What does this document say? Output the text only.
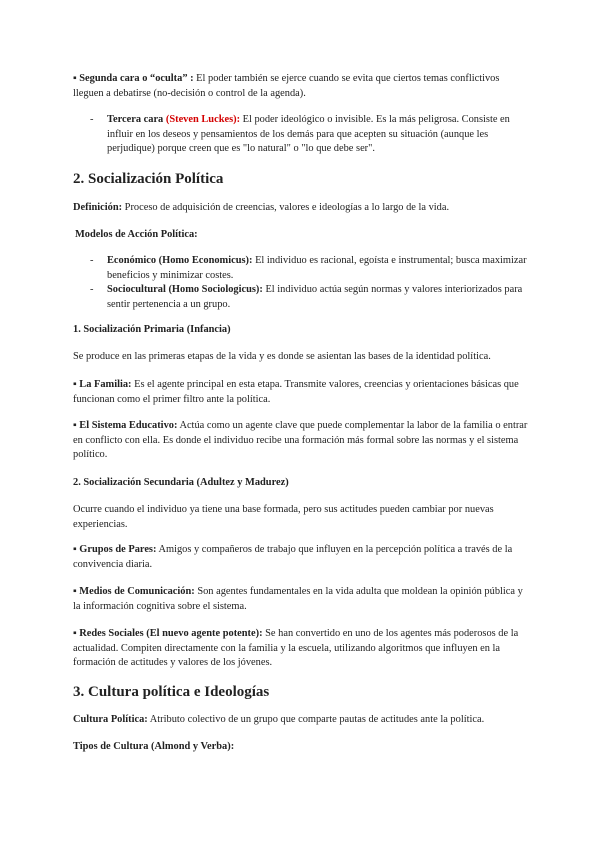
▪ Segunda cara o “oculta” : El poder también se ejerce cuando se evita que ciertos temas conflictivos lleguen a debatirse (no-decisión o control de la agenda).

- Tercera cara (Steven Luckes): El poder ideológico o invisible. Es la más peligrosa. Consiste en influir en los deseos y pensamientos de los demás para que acepten su situación (aunque les perjudique) porque creen que es "lo natural" o "lo que debe ser".

2. Socialización Política

Definición: Proceso de adquisición de creencias, valores e ideologías a lo largo de la vida.

Modelos de Acción Política:

- Económico (Homo Economicus): El individuo es racional, egoísta e instrumental; busca maximizar beneficios y minimizar costes.

- Sociocultural (Homo Sociologicus): El individuo actúa según normas y valores interiorizados para sentir pertenencia a un grupo.

1. Socialización Primaria (Infancia)

Se produce en las primeras etapas de la vida y es donde se asientan las bases de la identidad política.

▪ La Familia: Es el agente principal en esta etapa. Transmite valores, creencias y orientaciones básicas que funcionan como el primer filtro ante la política.

▪ El Sistema Educativo: Actúa como un agente clave que puede complementar la labor de la familia o entrar en conflicto con ella. Es donde el individuo recibe una formación más formal sobre las normas y el sistema político.

2. Socialización Secundaria (Adultez y Madurez)

Ocurre cuando el individuo ya tiene una base formada, pero sus actitudes pueden cambiar por nuevas experiencias.

▪ Grupos de Pares: Amigos y compañeros de trabajo que influyen en la percepción política a través de la convivencia diaria.

▪ Medios de Comunicación: Son agentes fundamentales en la vida adulta que moldean la opinión pública y la información cognitiva sobre el sistema.

▪ Redes Sociales (El nuevo agente potente): Se han convertido en uno de los agentes más poderosos de la actualidad. Compiten directamente con la familia y la escuela, utilizando algoritmos que influyen en la formación de actitudes y valores de los jóvenes.

3. Cultura política e Ideologías

Cultura Política: Atributo colectivo de un grupo que comparte pautas de actitudes ante la política.

Tipos de Cultura (Almond y Verba):
